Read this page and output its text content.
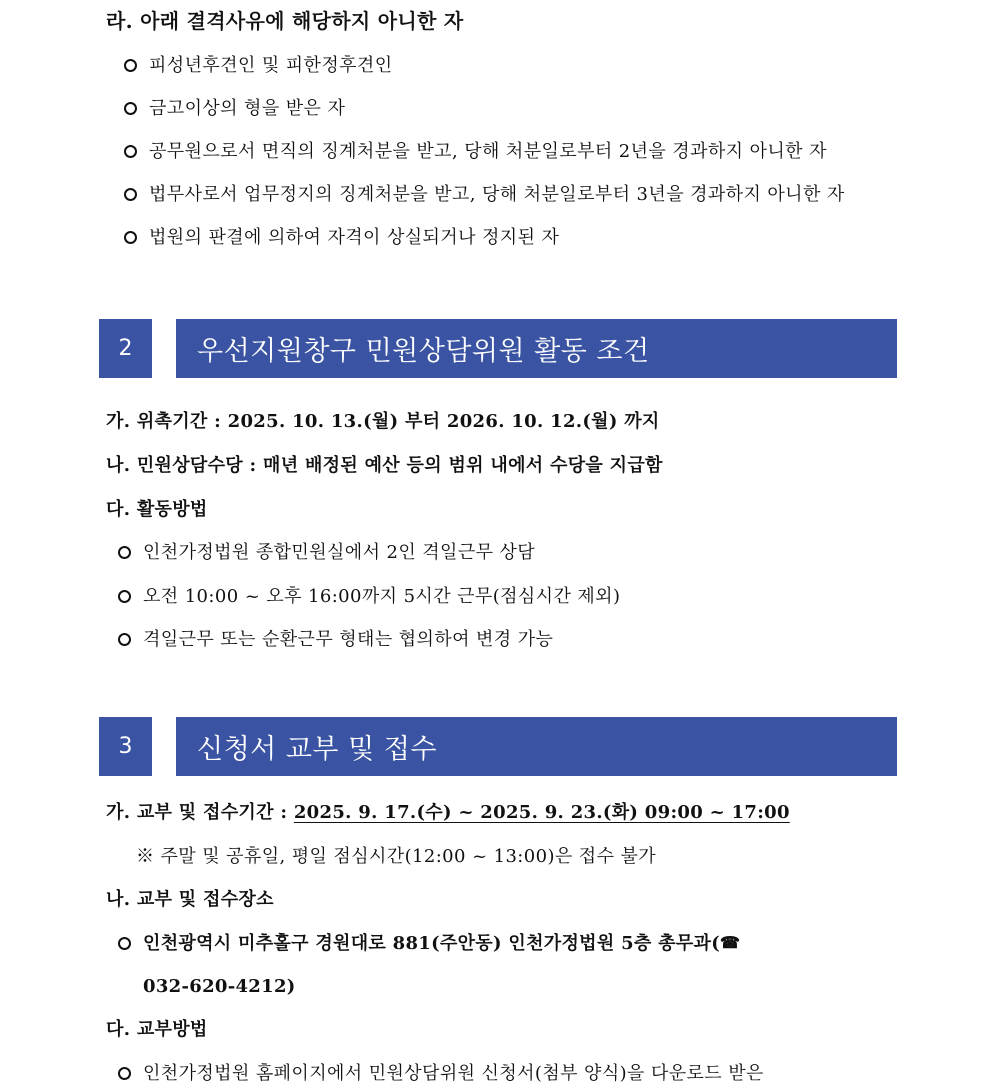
라. 아래 결격사유에 해당하지 아니한 자
피성년후견인 및 피한정후견인
금고이상의 형을 받은 자
공무원으로서 면직의 징계처분을 받고, 당해 처분일로부터 2년을 경과하지 아니한 자
법무사로서 업무정지의 징계처분을 받고, 당해 처분일로부터 3년을 경과하지 아니한 자
법원의 판결에 의하여 자격이 상실되거나 정지된 자
2	우선지원창구 민원상담위원 활동 조건
가. 위촉기간 : 2025. 10. 13.(월) 부터 2026. 10. 12.(월) 까지
나. 민원상담수당 : 매년 배정된 예산 등의 범위 내에서 수당을 지급함
다. 활동방법
인천가정법원 종합민원실에서 2인 격일근무 상담
오전 10:00 ~ 오후 16:00까지 5시간 근무(점심시간 제외)
격일근무 또는 순환근무 형태는 협의하여 변경 가능
3	신청서 교부 및 접수
가. 교부 및 접수기간 : 2025. 9. 17.(수) ~ 2025. 9. 23.(화) 09:00 ~ 17:00
※ 주말 및 공휴일, 평일 점심시간(12:00 ~ 13:00)은 접수 불가
나. 교부 및 접수장소
인천광역시 미추홀구 경원대로 881(주안동) 인천가정법원 5층 총무과(☎
032-620-4212)
다. 교부방법
인천가정법원 홈페이지에서 민원상담위원 신청서(첨부 양식)을 다운로드 받은
